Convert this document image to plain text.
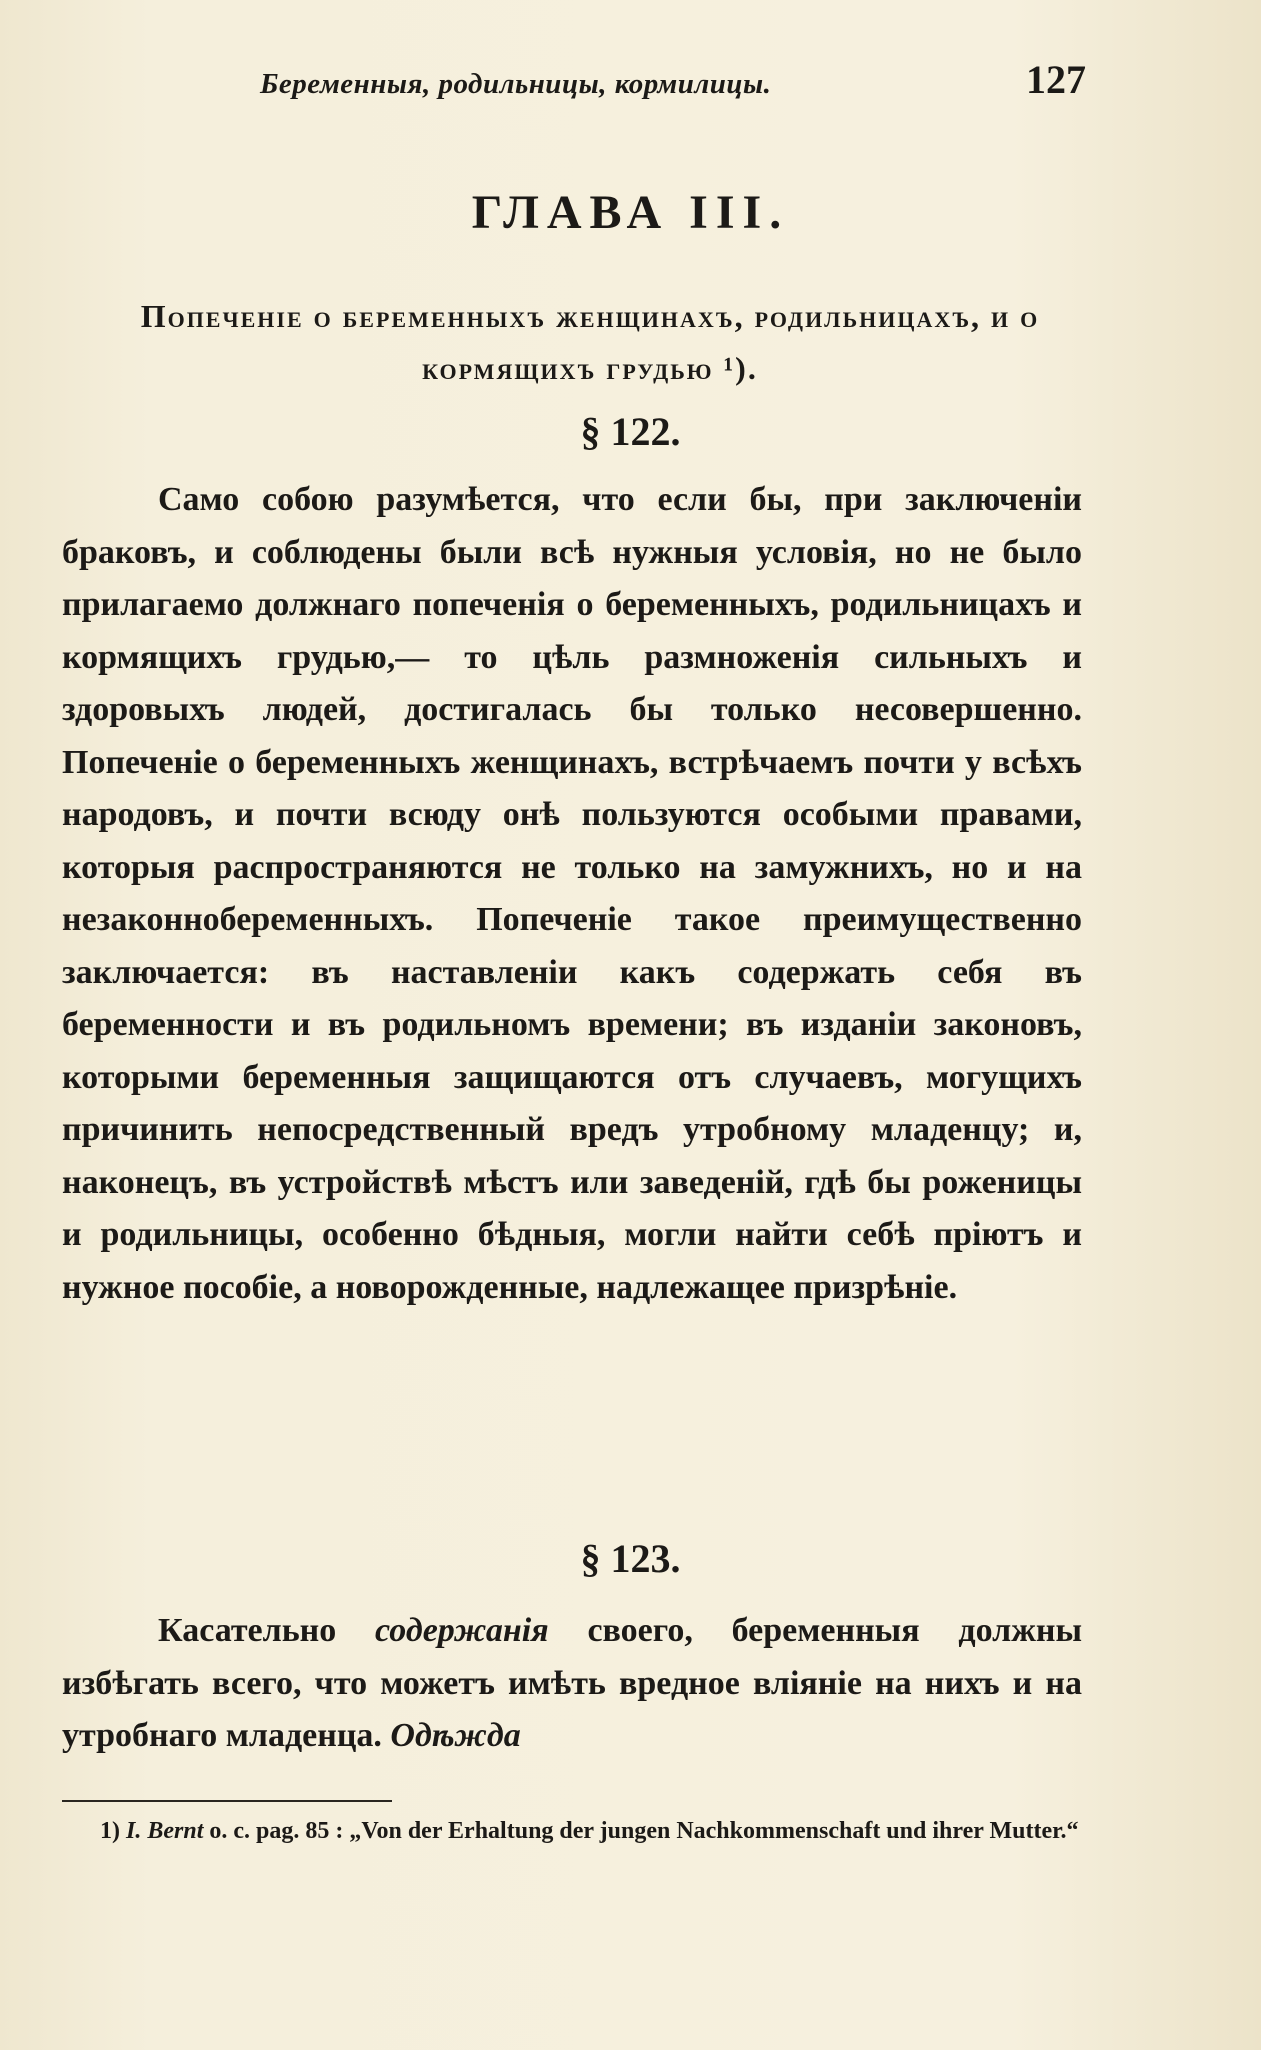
Беременныя, родильницы, кормилицы.	127
ГЛАВА III.
Попеченіе о беременныхъ женщинахъ, родильницахъ, и о кормящихъ грудью ¹).
§ 122.
Само собою разумѣется, что если бы, при заключеніи браковъ, и соблюдены были всѣ нужныя условія, но не было прилагаемо должнаго попеченія о беременныхъ, родильницахъ и кормящихъ грудью,— то цѣль размноженія сильныхъ и здоровыхъ людей, достигалась бы только несовершенно. Попеченіе о беременныхъ женщинахъ, встрѣчаемъ почти у всѣхъ народовъ, и почти всюду онѣ пользуются особыми правами, которыя распространяются не только на замужнихъ, но и на незаконнобеременныхъ. Попеченіе такое преимущественно заключается: въ наставленіи какъ содержать себя въ беременности и въ родильномъ времени; въ изданіи законовъ, которыми беременныя защищаются отъ случаевъ, могущихъ причинить непосредственный вредъ утробному младенцу; и, наконецъ, въ устройствѣ мѣстъ или заведеній, гдѣ бы роженицы и родильницы, особенно бѣдныя, могли найти себѣ пріютъ и нужное пособіе, а новорожденные, надлежащее призрѣніе.
§ 123.
Касательно содержанія своего, беременныя должны избѣгать всего, что можетъ имѣть вредное вліяніе на нихъ и на утробнаго младенца. Одѣжда
1) I. Bernt o. c. pag. 85 : „Von der Erhaltung der jungen Nachkommenschaft und ihrer Mutter.“
